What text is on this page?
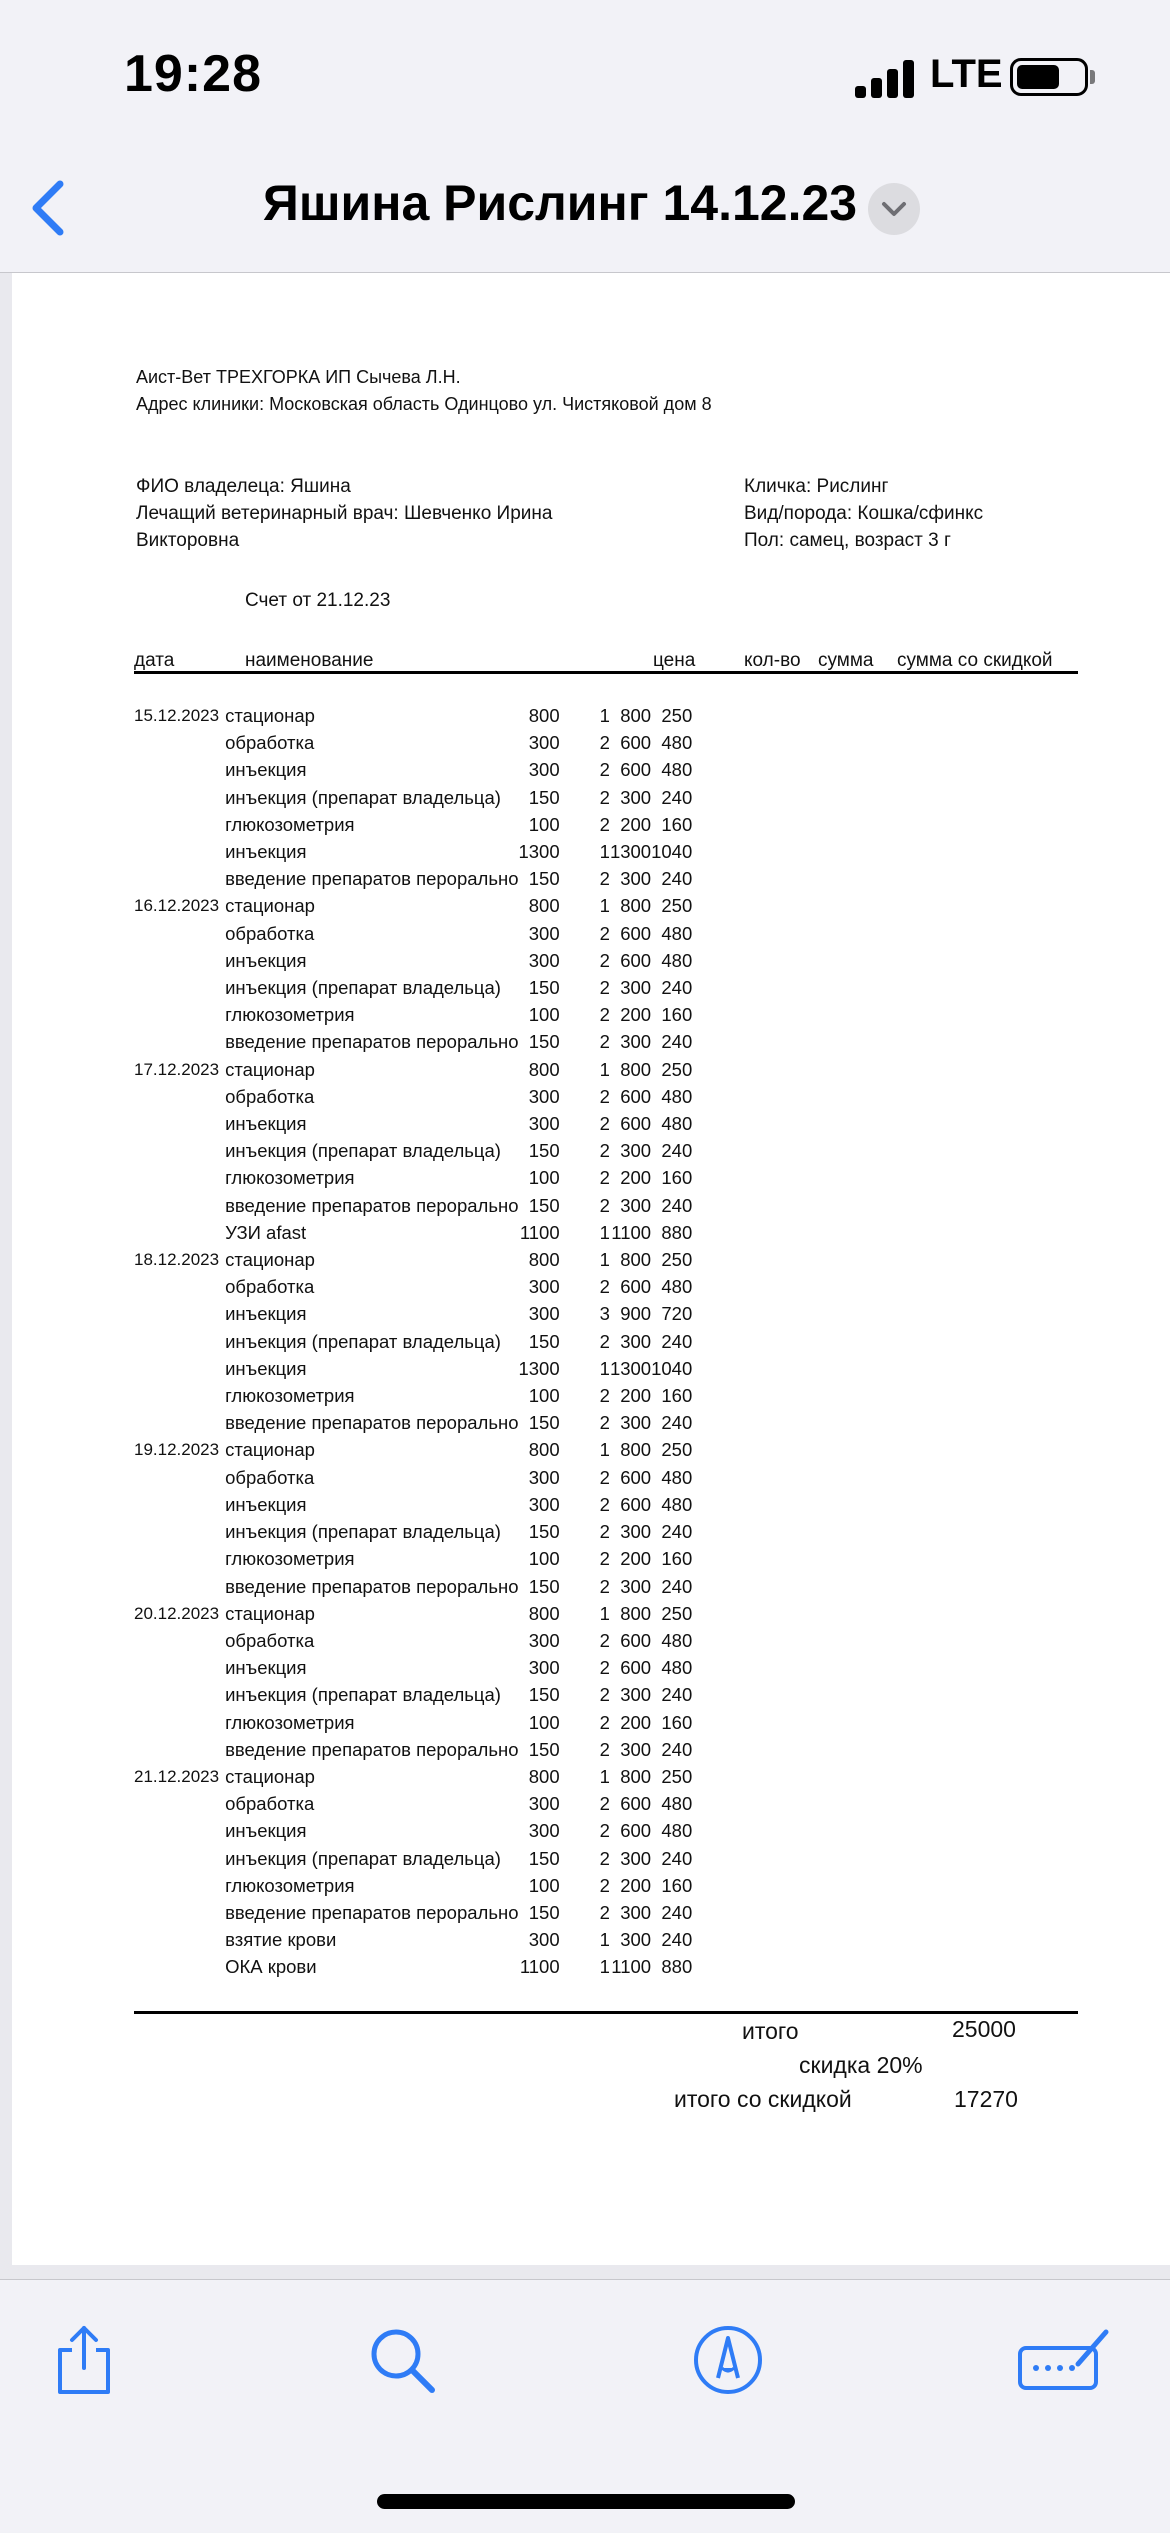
19:28	LTE
Яшина Рислинг 14.12.23
Аист-Вет ТРЕХГОРКА ИП Сычева Л.Н.
Адрес клиники: Московская область Одинцово ул. Чистяковой дом 8
ФИО владелеца: Яшина
Лечащий ветеринарный врач: Шевченко Ирина
Викторовна
Кличка: Рислинг
Вид/порода: Кошка/сфинкс
Пол: самец, возраст 3 г
Счет от 21.12.23
дата	наименование	цена	кол-во сумма сумма со скидкой
15.12.2023	стационар	800	1	800	250
	обработка	300	2	600	480
	инъекция	300	2	600	480
	инъекция (препарат владельца)	150	2	300	240
	глюкозометрия	100	2	200	160
	инъекция	1300	1	1300	1040
	введение препаратов перорально	150	2	300	240
16.12.2023	стационар	800	1	800	250
	обработка	300	2	600	480
	инъекция	300	2	600	480
	инъекция (препарат владельца)	150	2	300	240
	глюкозометрия	100	2	200	160
	введение препаратов перорально	150	2	300	240
17.12.2023	стационар	800	1	800	250
	обработка	300	2	600	480
	инъекция	300	2	600	480
	инъекция (препарат владельца)	150	2	300	240
	глюкозометрия	100	2	200	160
	введение препаратов перорально	150	2	300	240
	УЗИ afast	1100	1	1100	880
18.12.2023	стационар	800	1	800	250
	обработка	300	2	600	480
	инъекция	300	3	900	720
	инъекция (препарат владельца)	150	2	300	240
	инъекция	1300	1	1300	1040
	глюкозометрия	100	2	200	160
	введение препаратов перорально	150	2	300	240
19.12.2023	стационар	800	1	800	250
	обработка	300	2	600	480
	инъекция	300	2	600	480
	инъекция (препарат владельца)	150	2	300	240
	глюкозометрия	100	2	200	160
	введение препаратов перорально	150	2	300	240
20.12.2023	стационар	800	1	800	250
	обработка	300	2	600	480
	инъекция	300	2	600	480
	инъекция (препарат владельца)	150	2	300	240
	глюкозометрия	100	2	200	160
	введение препаратов перорально	150	2	300	240
21.12.2023	стационар	800	1	800	250
	обработка	300	2	600	480
	инъекция	300	2	600	480
	инъекция (препарат владельца)	150	2	300	240
	глюкозометрия	100	2	200	160
	введение препаратов перорально	150	2	300	240
	взятие крови	300	1	300	240
	ОКА крови	1100	1	1100	880
итого	25000
скидка 20%
итого со скидкой	17270
